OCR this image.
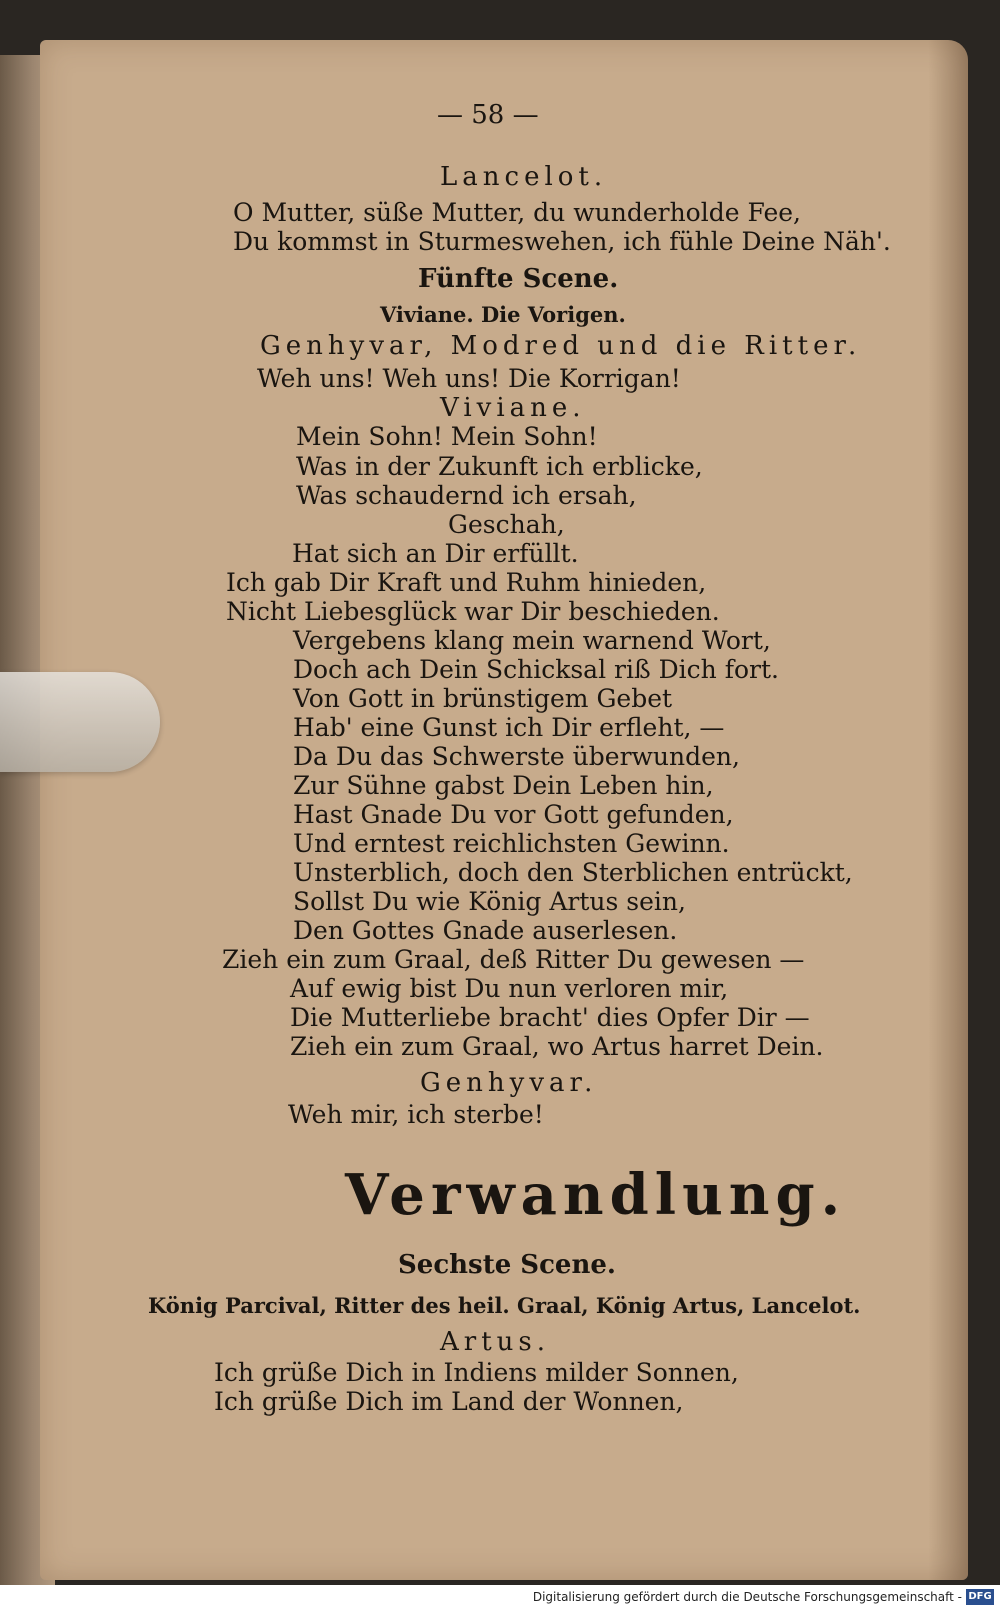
— 58 —
Lancelot.
O Mutter, süße Mutter, du wunderholde Fee,
Du kommst in Sturmeswehen, ich fühle Deine Näh'.
Fünfte Scene.
Viviane. Die Vorigen.
Genhyvar, Modred und die Ritter.
Weh uns! Weh uns! Die Korrigan!
Viviane.
Mein Sohn! Mein Sohn!
Was in der Zukunft ich erblicke,
Was schaudernd ich ersah,
Geschah,
Hat sich an Dir erfüllt.
Ich gab Dir Kraft und Ruhm hinieden,
Nicht Liebesglück war Dir beschieden.
Vergebens klang mein warnend Wort,
Doch ach Dein Schicksal riß Dich fort.
Von Gott in brünstigem Gebet
Hab' eine Gunst ich Dir erfleht, —
Da Du das Schwerste überwunden,
Zur Sühne gabst Dein Leben hin,
Hast Gnade Du vor Gott gefunden,
Und erntest reichlichsten Gewinn.
Unsterblich, doch den Sterblichen entrückt,
Sollst Du wie König Artus sein,
Den Gottes Gnade auserlesen.
Zieh ein zum Graal, deß Ritter Du gewesen —
Auf ewig bist Du nun verloren mir,
Die Mutterliebe bracht' dies Opfer Dir —
Zieh ein zum Graal, wo Artus harret Dein.
Genhyvar.
Weh mir, ich sterbe!
Verwandlung.
Sechste Scene.
König Parcival, Ritter des heil. Graal, König Artus, Lancelot.
Artus.
Ich grüße Dich in Indiens milder Sonnen,
Ich grüße Dich im Land der Wonnen,
Digitalisierung gefördert durch die Deutsche Forschungsgemeinschaft - DFG
